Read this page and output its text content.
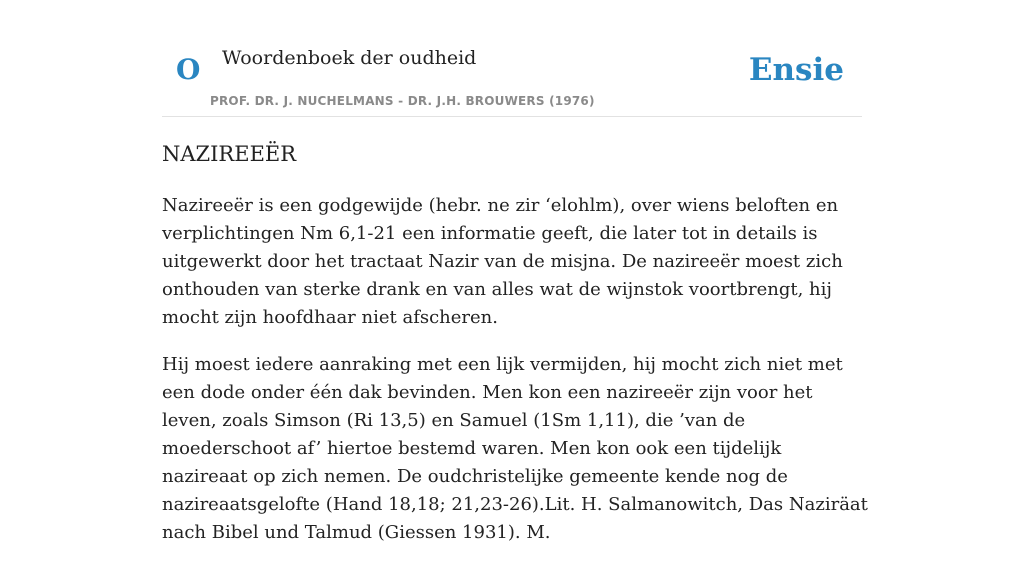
O Woordenboek der oudheid
PROF. DR. J. NUCHELMANS - DR. J.H. BROUWERS (1976)
Ensie
NAZIREEËR

Nazireeër is een godgewijde (hebr. ne zir ‘elohlm), over wiens beloften en verplichtingen Nm 6,1-21 een informatie geeft, die later tot in details is uitgewerkt door het tractaat Nazir van de misjna. De nazireeër moest zich onthouden van sterke drank en van alles wat de wijnstok voortbrengt, hij mocht zijn hoofdhaar niet afscheren.

Hij moest iedere aanraking met een lijk vermijden, hij mocht zich niet met een dode onder één dak bevinden. Men kon een nazireeër zijn voor het leven, zoals Simson (Ri 13,5) en Samuel (1Sm 1,11), die ’van de moederschoot af’ hiertoe bestemd waren. Men kon ook een tijdelijk nazireaat op zich nemen. De oudchristelijke gemeente kende nog de nazireaatsgelofte (Hand 18,18; 21,23-26).Lit. H. Salmanowitch, Das Naziräat nach Bibel und Talmud (Giessen 1931). M.
